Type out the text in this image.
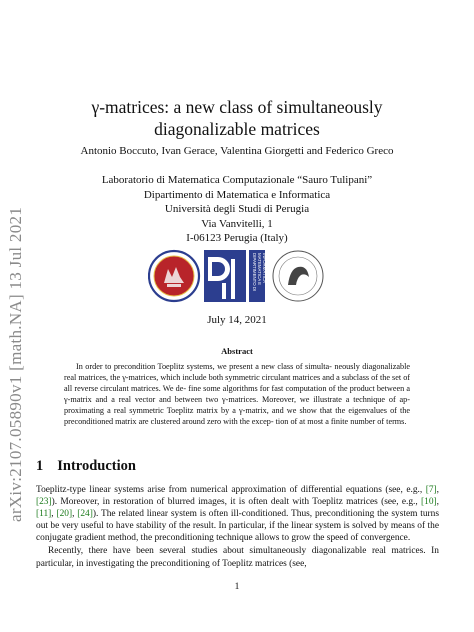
arXiv:2107.05890v1 [math.NA] 13 Jul 2021
γ-matrices: a new class of simultaneously
diagonalizable matrices
Antonio Boccuto, Ivan Gerace, Valentina Giorgetti and Federico Greco
Laboratorio di Matematica Computazionale “Sauro Tulipani”
Dipartimento di Matematica e Informatica
Università degli Studi di Perugia
Via Vanvitelli, 1
I-06123 Perugia (Italy)
DIPARTIMENTO DI MATEMATICA E INFORMATICA
July 14, 2021
Abstract

In order to precondition Toeplitz systems, we present a new class of simulta- neously diagonalizable real matrices, the γ-matrices, which include both symmetric circulant matrices and a subclass of the set of all reverse circulant matrices. We de- fine some algorithms for fast computation of the product between a γ-matrix and a real vector and between two γ-matrices. Moreover, we illustrate a technique of ap- proximating a real symmetric Toeplitz matrix by a γ-matrix, and we show that the eigenvalues of the preconditioned matrix are clustered around zero with the excep- tion of at most a finite number of terms.

1 Introduction

Toeplitz-type linear systems arise from numerical approximation of differential equations (see, e.g., [7], [23]). Moreover, in restoration of blurred images, it is often dealt with Toeplitz matrices (see, e.g., [10], [11], [20], [24]). The related linear system is often ill-conditioned. Thus, preconditioning the system turns out be very useful to have stability of the result. In particular, if the linear system is solved by means of the conjugate gradient method, the preconditioning technique allows to grow the speed of convergence.

Recently, there have been several studies about simultaneously diagonalizable real matrices. In particular, in investigating the preconditioning of Toeplitz matrices (see,

1
